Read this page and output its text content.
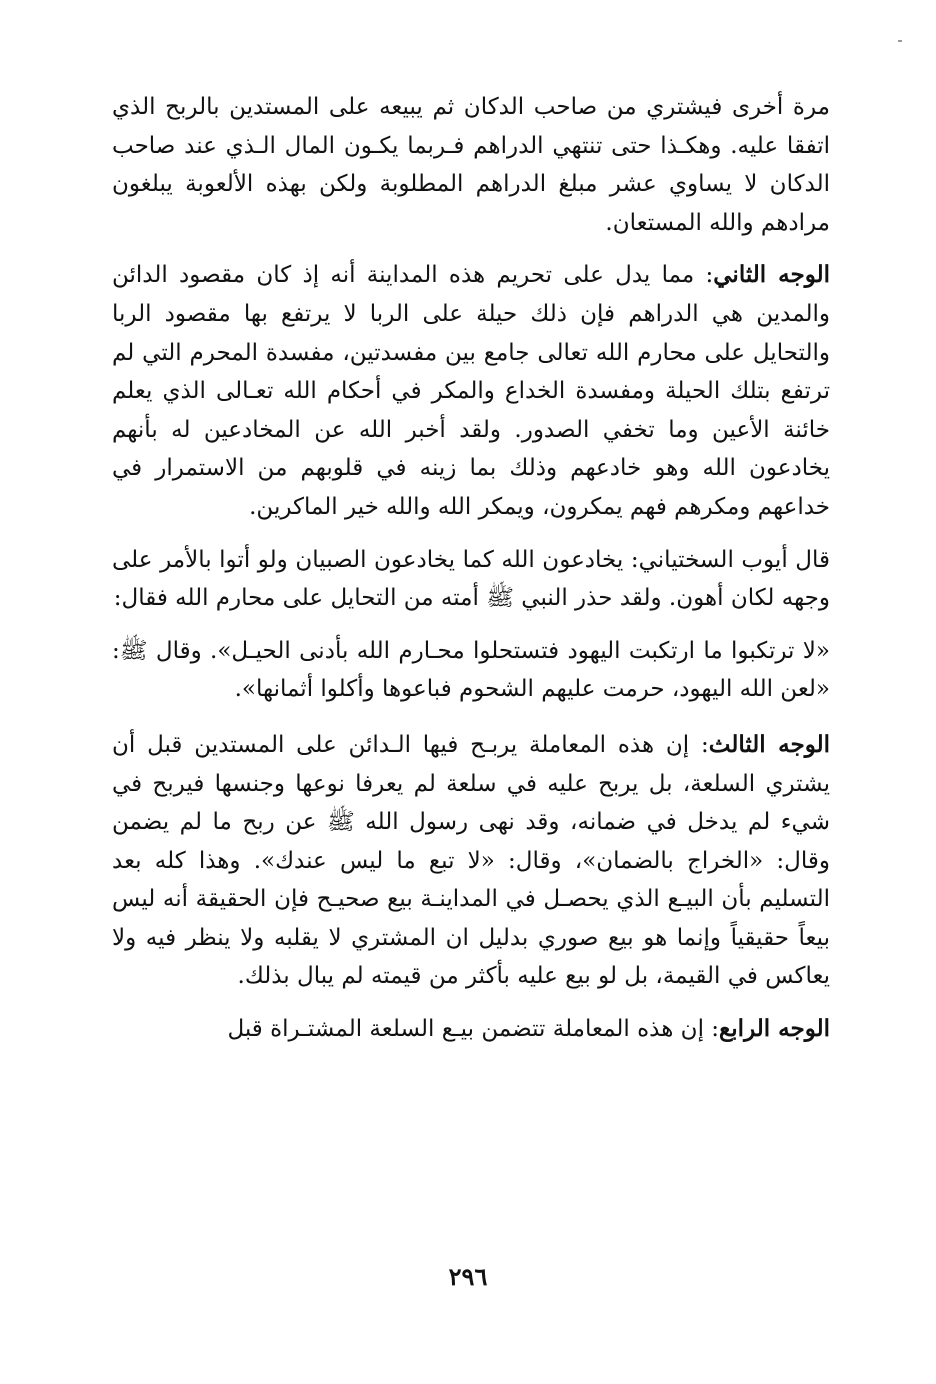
مرة أخرى فيشتري من صاحب الدكان ثم يبيعه على المستدين بالربح الذي اتفقا عليه. وهكـذا حتى تنتهي الدراهم فـربما يكـون المال الـذي عند صاحب الدكان لا يساوي عشر مبلغ الدراهم المطلوبة ولكن بهذه الألعوبة يبلغون مرادهم والله المستعان.

الوجه الثاني: مما يدل على تحريم هذه المداينة أنه إذ كان مقصود الدائن والمدين هي الدراهم فإن ذلك حيلة على الربا لا يرتفع بها مقصود الربا والتحايل على محارم الله تعالى جامع بين مفسدتين، مفسدة المحرم التي لم ترتفع بتلك الحيلة ومفسدة الخداع والمكر في أحكام الله تعـالى الذي يعلم خائنة الأعين وما تخفي الصدور. ولقد أخبر الله عن المخادعين له بأنهم يخادعون الله وهو خادعهم وذلك بما زينه في قلوبهم من الاستمرار في خداعهم ومكرهم فهم يمكرون، ويمكر الله والله خير الماكرين.

قال أيوب السختياني: يخادعون الله كما يخادعون الصبيان ولو أتوا بالأمر على وجهه لكان أهون. ولقد حذر النبي ﷺ أمته من التحايل على محارم الله فقال:

«لا ترتكبوا ما ارتكبت اليهود فتستحلوا محـارم الله بأدنى الحيـل». وقال ﷺ: «لعن الله اليهود، حرمت عليهم الشحوم فباعوها وأكلوا أثمانها».

الوجه الثالث: إن هذه المعاملة يربـح فيها الـدائن على المستدين قبل أن يشتري السلعة، بل يربح عليه في سلعة لم يعرفا نوعها وجنسها فيربح في شيء لم يدخل في ضمانه، وقد نهى رسول الله ﷺ عن ربح ما لم يضمن وقال: «الخراج بالضمان»، وقال: «لا تبع ما ليس عندك». وهذا كله بعد التسليم بأن البيـع الذي يحصـل في المداينـة بيع صحيـح فإن الحقيقة أنه ليس بيعاً حقيقياً وإنما هو بيع صوري بدليل ان المشتري لا يقلبه ولا ينظر فيه ولا يعاكس في القيمة، بل لو بيع عليه بأكثر من قيمته لم يبال بذلك.

الوجه الرابع: إن هذه المعاملة تتضمن بيـع السلعة المشتـراة قبل

٢٩٦
